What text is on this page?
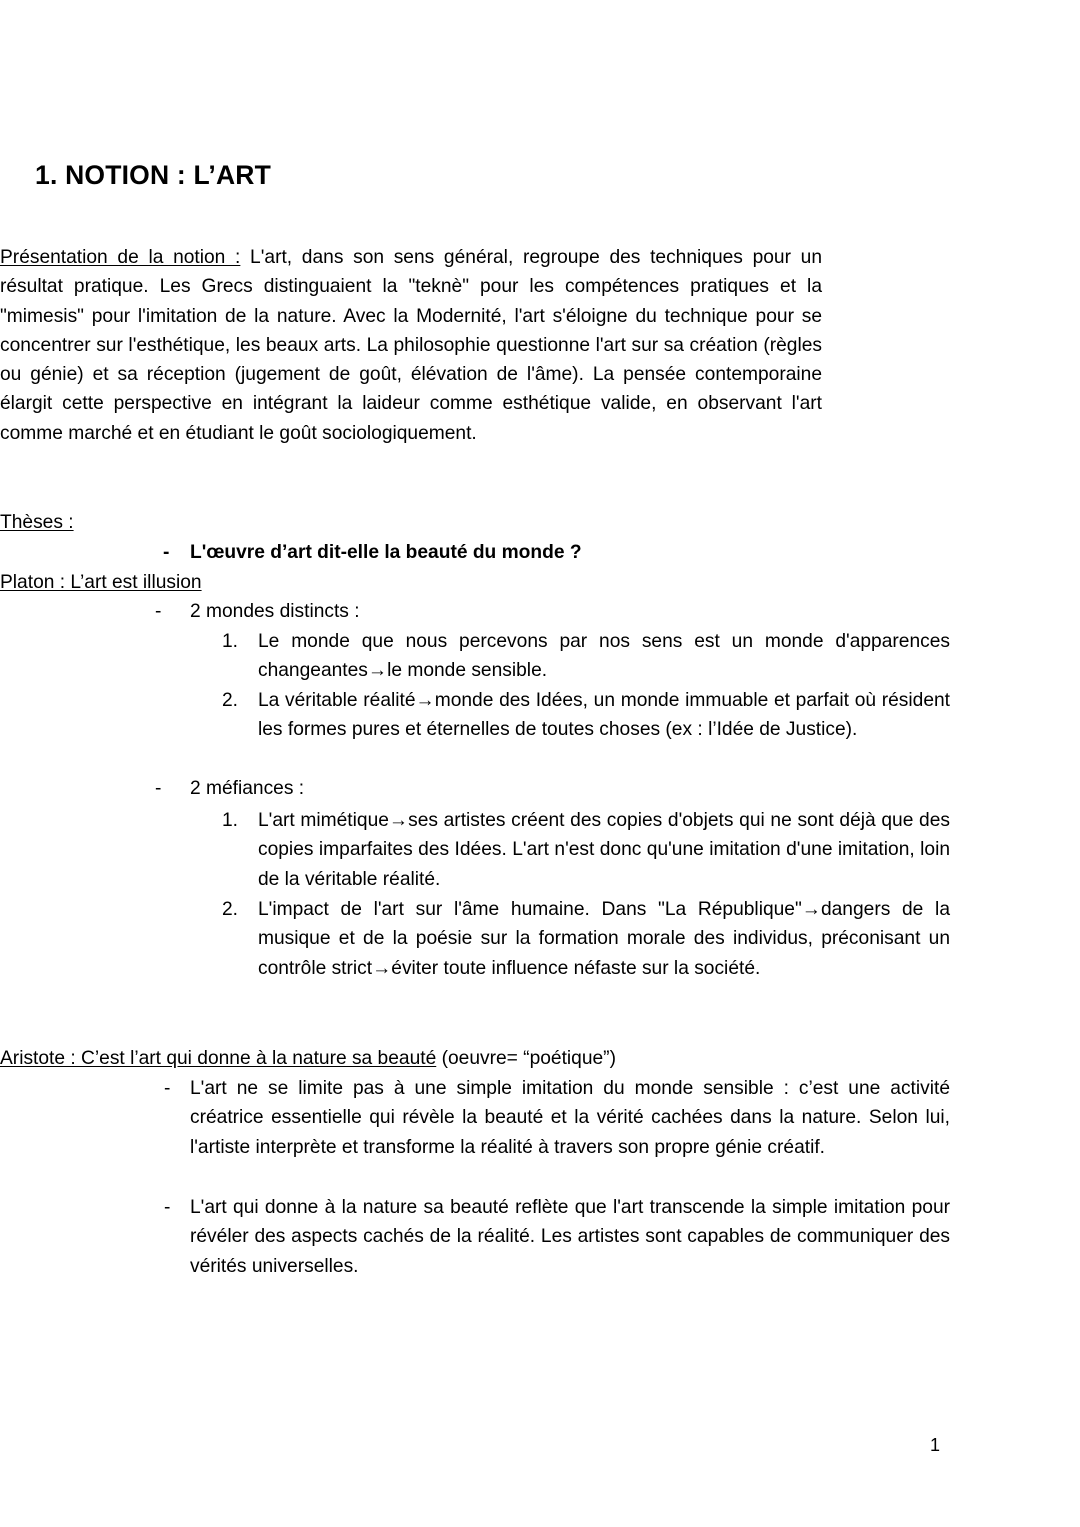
1. NOTION : L’ART

Présentation de la notion : L'art, dans son sens général, regroupe des techniques pour un résultat pratique. Les Grecs distinguaient la "teknè" pour les compétences pratiques et la "mimesis" pour l'imitation de la nature. Avec la Modernité, l'art s'éloigne du technique pour se concentrer sur l'esthétique, les beaux arts. La philosophie questionne l'art sur sa création (règles ou génie) et sa réception (jugement de goût, élévation de l'âme). La pensée contemporaine élargit cette perspective en intégrant la laideur comme esthétique valide, en observant l'art comme marché et en étudiant le goût sociologiquement.

Thèses :
-	L'œuvre d’art dit-elle la beauté du monde ?
Platon : L’art est illusion
-	2 mondes distincts :
1.	Le monde que nous percevons par nos sens est un monde d'apparences changeantes→le monde sensible.
2.	La véritable réalité→monde des Idées, un monde immuable et parfait où résident les formes pures et éternelles de toutes choses (ex : l’Idée de Justice).
-	2 méfiances :
1.	L'art mimétique→ses artistes créent des copies d'objets qui ne sont déjà que des copies imparfaites des Idées. L'art n'est donc qu'une imitation d'une imitation, loin de la véritable réalité.
2.	L'impact de l'art sur l'âme humaine. Dans "La République"→dangers de la musique et de la poésie sur la formation morale des individus, préconisant un contrôle strict→éviter toute influence néfaste sur la société.
Aristote : C’est l’art qui donne à la nature sa beauté (oeuvre= “poétique”)
-	L'art ne se limite pas à une simple imitation du monde sensible : c’est une activité créatrice essentielle qui révèle la beauté et la vérité cachées dans la nature. Selon lui, l'artiste interprète et transforme la réalité à travers son propre génie créatif.
-	L'art qui donne à la nature sa beauté reflète que l'art transcende la simple imitation pour révéler des aspects cachés de la réalité. Les artistes sont capables de communiquer des vérités universelles.
1
